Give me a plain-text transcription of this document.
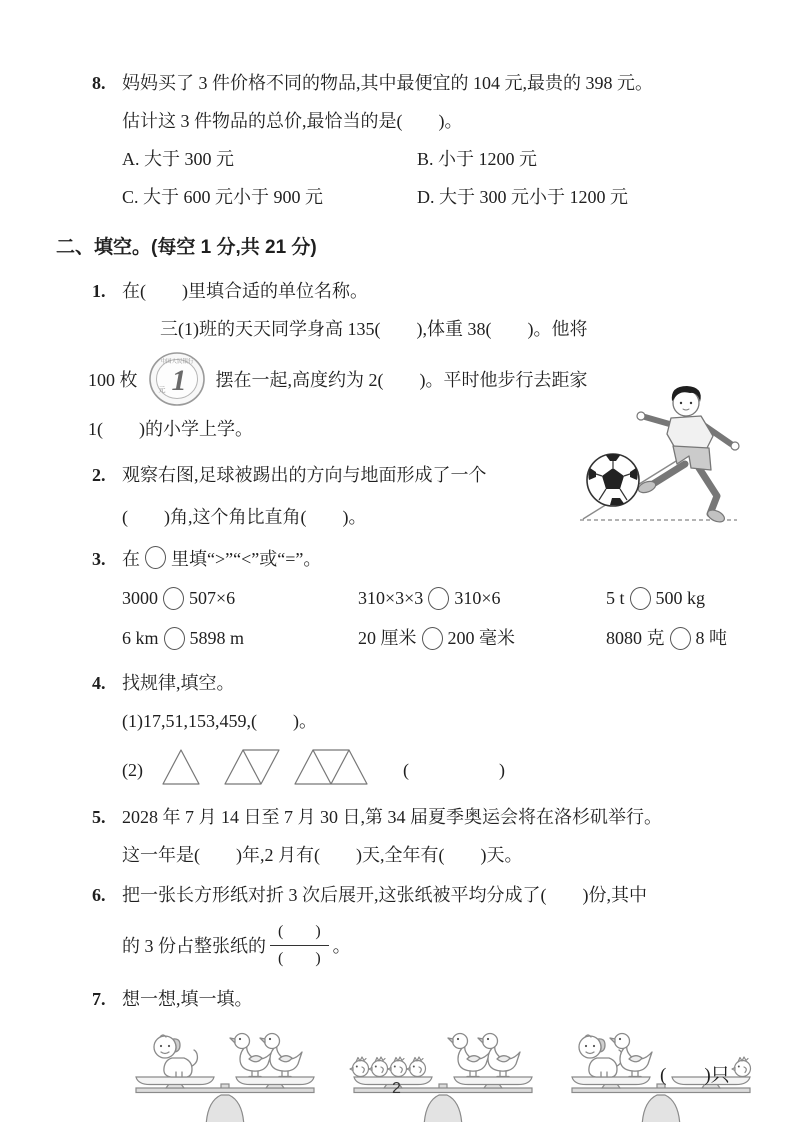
8. 妈妈买了 3 件价格不同的物品,其中最便宜的 104 元,最贵的 398 元。
估计这 3 件物品的总价,最恰当的是(　　)。
A. 大于 300 元	B. 小于 1200 元
C. 大于 600 元小于 900 元	D. 大于 300 元小于 1200 元
二、填空。(每空 1 分,共 21 分)
1. 在(　　)里填合适的单位名称。
三(1)班的天天同学身高 135(　　),体重 38(　　)。他将
100 枚
中国人民银行
1
元	摆在一起,高度约为 2(　　)。平时他步行去距家
1(　　)的小学上学。
2. 观察右图,足球被踢出的方向与地面形成了一个
(　　)角,这个角比直角(　　)。
3. 在 里填“>”“<”或“=”。
3000 507×6	310×3×3 310×6	5 t 500 kg
6 km 5898 m	20 厘米 200 毫米	8080 克 8 吨
4. 找规律,填空。
(1)17,51,153,459,(　　)。
(2)	(　　　　　)
5. 2028 年 7 月 14 日至 7 月 30 日,第 34 届夏季奥运会将在洛杉矶举行。
这一年是(　　)年,2 月有(　　)天,全年有(　　)天。
6. 把一张长方形纸对折 3 次后展开,这张纸被平均分成了(　　)份,其中
的 3 份占整张纸的 $\frac{( )}{( )}$ 。
7. 想一想,填一填。
(　　)只
2
